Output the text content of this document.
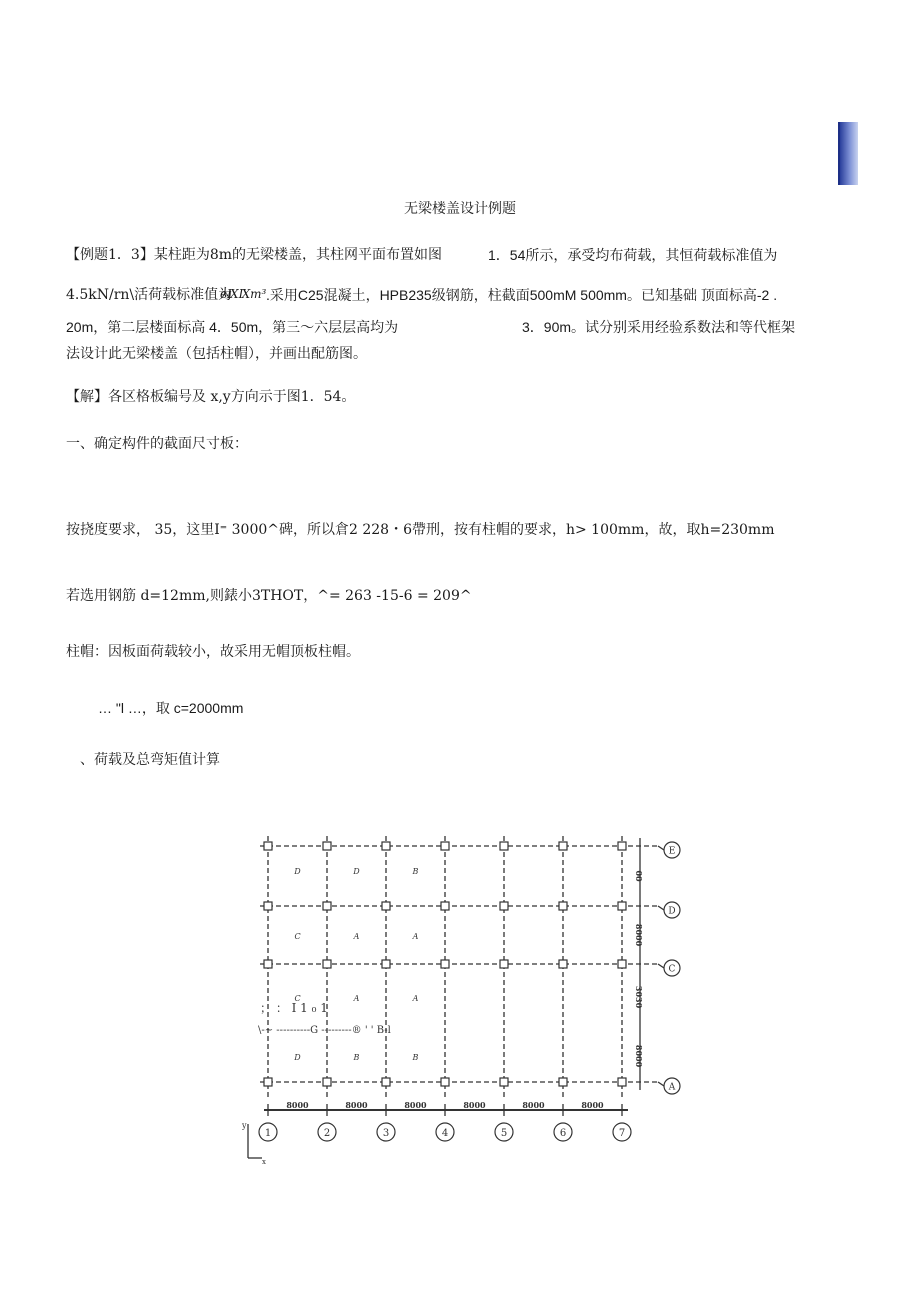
无梁楼盖设计例题
【例题1．3】某柱距为8m的无梁楼盖，其柱网平面布置如图	1．54所示，承受均布荷载，其恒荷载标准值为
4.5kN/rn\活荷载标准值为
вⅨⅨm³ .采用C25混凝土，HPB235级钢筋，柱截面500mM 500mm。已知基础 顶面标高-2 .
20m，第二层楼面标高 4．50m，第三～六层层高均为	3．90m。试分别采用经验系数法和等代框架
法设计此无梁楼盖（包括柱帽），并画出配筋图。
【解】各区格板编号及 x,y方向示于图1．54。
一、确定构件的截面尺寸板：
按挠度要求， 35，这里I⁼ 3000^碑，所以倉2 228・6帶刑，按有柱帽的要求，h> 100mm，故，取h=230mm
若选用钢筋 d=12mm,则錶小3THOT，^= 263 -15-6 = 209^
柱帽：因板面荷载较小，故采用无帽顶板柱帽。
… "l …，取 c=2000mm
、荷载及总弯矩值计算
8000	8000	8000	8000	8000	8000
00
8000
3030
8000
E
D
C
A
1	2	3	4	5	6	7
D	D	B
C	A	A
C	A	A
D	B	B
； ： I 1 ₀ 1
\-~ ----------G ---------® ' ' B-l
y
x
